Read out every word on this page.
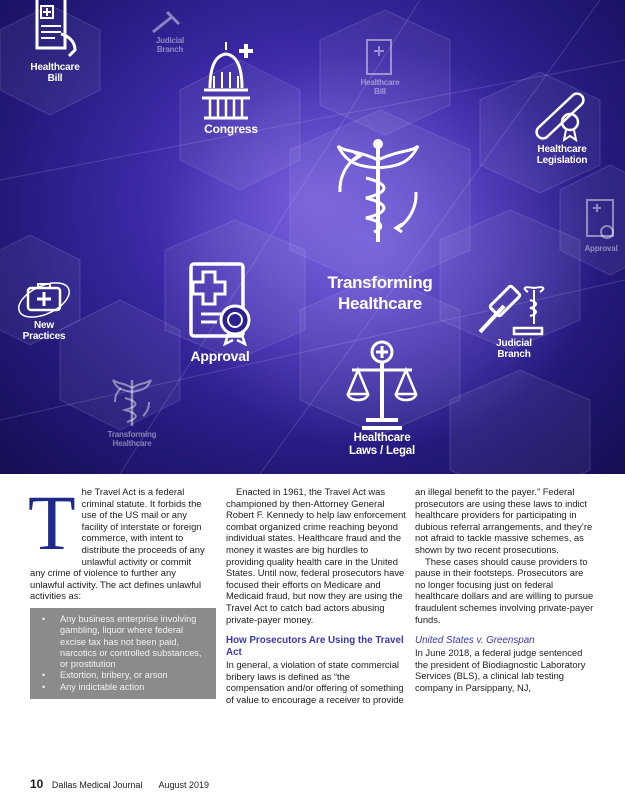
Healthcare
Bill
Judicial
Branch
Congress
Healthcare
Bill
Healthcare
Legislation
Approval
New
Practices
Approval
Transforming
Healthcare
Judicial
Branch
Transforming
Healthcare	Healthcare
Laws / Legal
T he Travel Act is a federal criminal statute. It forbids the use of the US mail or any facility of interstate or foreign commerce, with intent to distribute the proceeds of any unlawful activity or commit any crime of violence to further any unlawful activity. The act defines unlawful activities as:

• Any business enterprise involving gambling, liquor where federal excise tax has not been paid, narcotics or controlled substances, or prostitution
• Extortion, bribery, or arson
• Any indictable action

Enacted in 1961, the Travel Act was championed by then-Attorney General Robert F. Kennedy to help law enforcement combat organized crime reaching beyond individual states. Healthcare fraud and the money it wastes are big hurdles to providing quality health care in the United States. Until now, federal prosecutors have focused their efforts on Medicare and Medicaid fraud, but now they are using the Travel Act to catch bad actors abusing private-payer money.

How Prosecutors Are Using the Travel Act

In general, a violation of state commercial bribery laws is defined as “the compensation and/or offering of something of value to encourage a receiver to provide

an illegal benefit to the payer.” Federal prosecutors are using these laws to indict healthcare providers for participating in dubious referral arrangements, and they’re not afraid to tackle massive schemes, as shown by two recent prosecutions.

These cases should cause providers to pause in their footsteps. Prosecutors are no longer focusing just on federal healthcare dollars and are willing to pursue fraudulent schemes involving private-payer funds.

United States v. Greenspan

In June 2018, a federal judge sentenced the president of Biodiagnostic Laboratory Services (BLS), a clinical lab testing company in Parsippany, NJ,

10 Dallas Medical Journal August 2019
